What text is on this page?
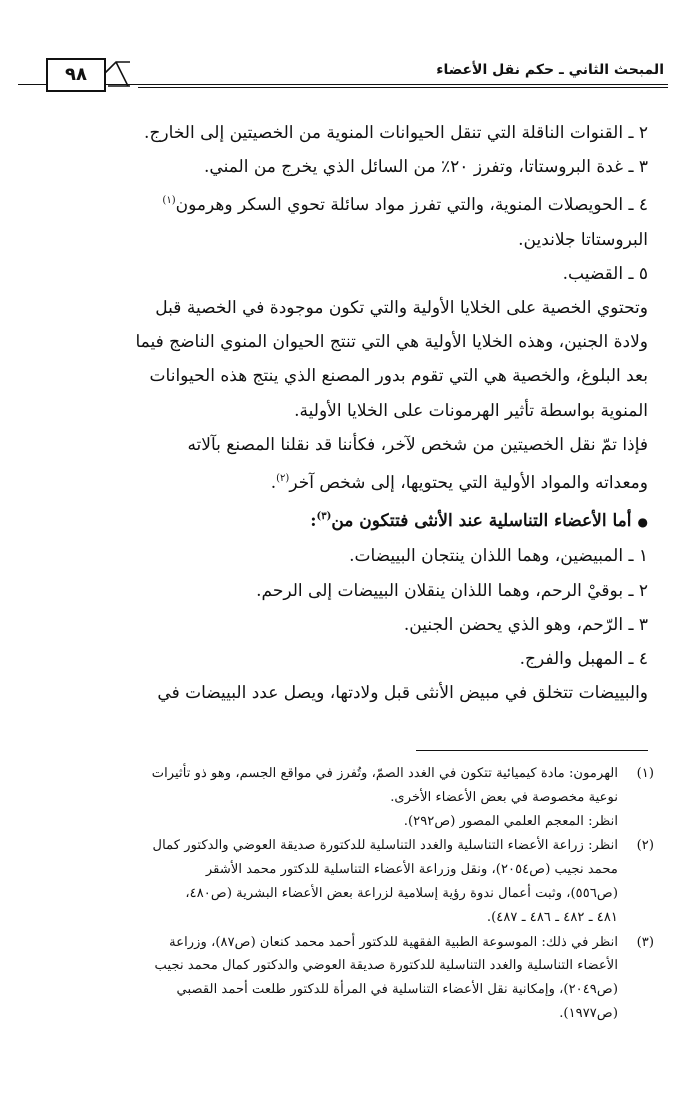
المبحث الثاني ـ حكم نقل الأعضاء
٩٨
٢ ـ القنوات الناقلة التي تنقل الحيوانات المنوية من الخصيتين إلى الخارج.
٣ ـ غدة البروستاتا، وتفرز ٢٠٪ من السائل الذي يخرج من المني.
٤ ـ الحويصلات المنوية، والتي تفرز مواد سائلة تحوي السكر وهرمون$^{(١)}$
البروستاتا جلاندين.
٥ ـ القضيب.
وتحتوي الخصية على الخلايا الأولية والتي تكون موجودة في الخصية قبل
ولادة الجنين، وهذه الخلايا الأولية هي التي تنتج الحيوان المنوي الناضج فيما
بعد البلوغ، والخصية هي التي تقوم بدور المصنع الذي ينتج هذه الحيوانات
المنوية بواسطة تأثير الهرمونات على الخلايا الأولية.
فإذا تمّ نقل الخصيتين من شخص لآخر، فكأننا قد نقلنا المصنع بآلاته
ومعداته والمواد الأولية التي يحتويها، إلى شخص آخر$^{(٢)}$.
●أما الأعضاء التناسلية عند الأنثى فتتكون من$^{(٣)}$:
١ ـ المبيضين، وهما اللذان ينتجان البييضات.
٢ ـ بوقيْ الرحم، وهما اللذان ينقلان البييضات إلى الرحم.
٣ ـ الرّحم، وهو الذي يحضن الجنين.
٤ ـ المهبل والفرج.
والبييضات تتخلق في مبيض الأنثى قبل ولادتها، ويصل عدد البييضات في
(١)
الهرمون: مادة كيميائية تتكون في الغدد الصمّ، وتُفرز في مواقع الجسم، وهو ذو تأثيرات
نوعية مخصوصة في بعض الأعضاء الأخرى.
انظر: المعجم العلمي المصور (ص٢٩٢).
(٢)
انظر: زراعة الأعضاء التناسلية والغدد التناسلية للدكتورة صديقة العوضي والدكتور كمال
محمد نجيب (ص٢٠٥٤)، ونقل وزراعة الأعضاء التناسلية للدكتور محمد الأشقر
(ص٥٥٦)، وثبت أعمال ندوة رؤية إسلامية لزراعة بعض الأعضاء البشرية (ص٤٨٠،
٤٨١ ـ ٤٨٢ ـ ٤٨٦ ـ ٤٨٧).
(٣)
انظر في ذلك: الموسوعة الطبية الفقهية للدكتور أحمد محمد كنعان (ص٨٧)، وزراعة
الأعضاء التناسلية والغدد التناسلية للدكتورة صديقة العوضي والدكتور كمال محمد نجيب
(ص٢٠٤٩)، وإمكانية نقل الأعضاء التناسلية في المرأة للدكتور طلعت أحمد القصبي
(ص١٩٧٧).
